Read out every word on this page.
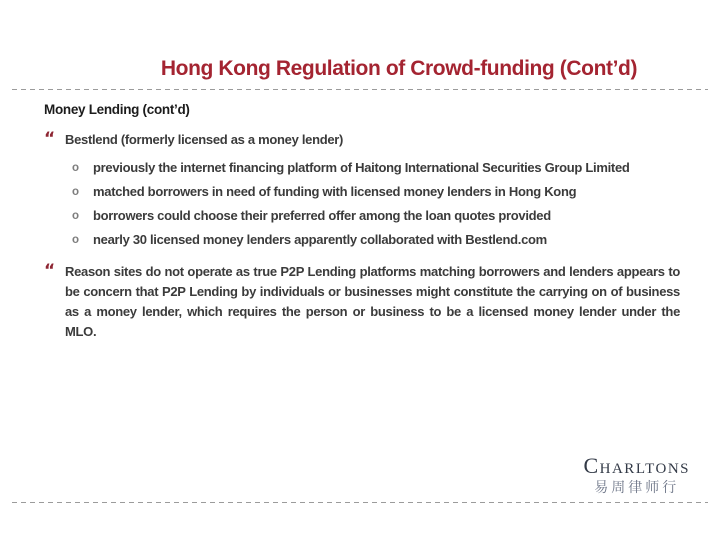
Hong Kong Regulation of Crowd-funding (Cont’d)
Money Lending (cont’d)
“ Bestlend (formerly licensed as a money lender)
o	previously the internet financing platform of Haitong International Securities Group Limited
o	matched borrowers in need of funding with licensed money lenders in Hong Kong
o	borrowers could choose their preferred offer among the loan quotes provided
o	nearly 30 licensed money lenders apparently collaborated with Bestlend.com
“ Reason sites do not operate as true P2P Lending platforms matching borrowers and lenders appears to be concern that P2P Lending by individuals or businesses might constitute the carrying on of business as a money lender, which requires the person or business to be a licensed money lender under the MLO.
Charltons
易周律师行
